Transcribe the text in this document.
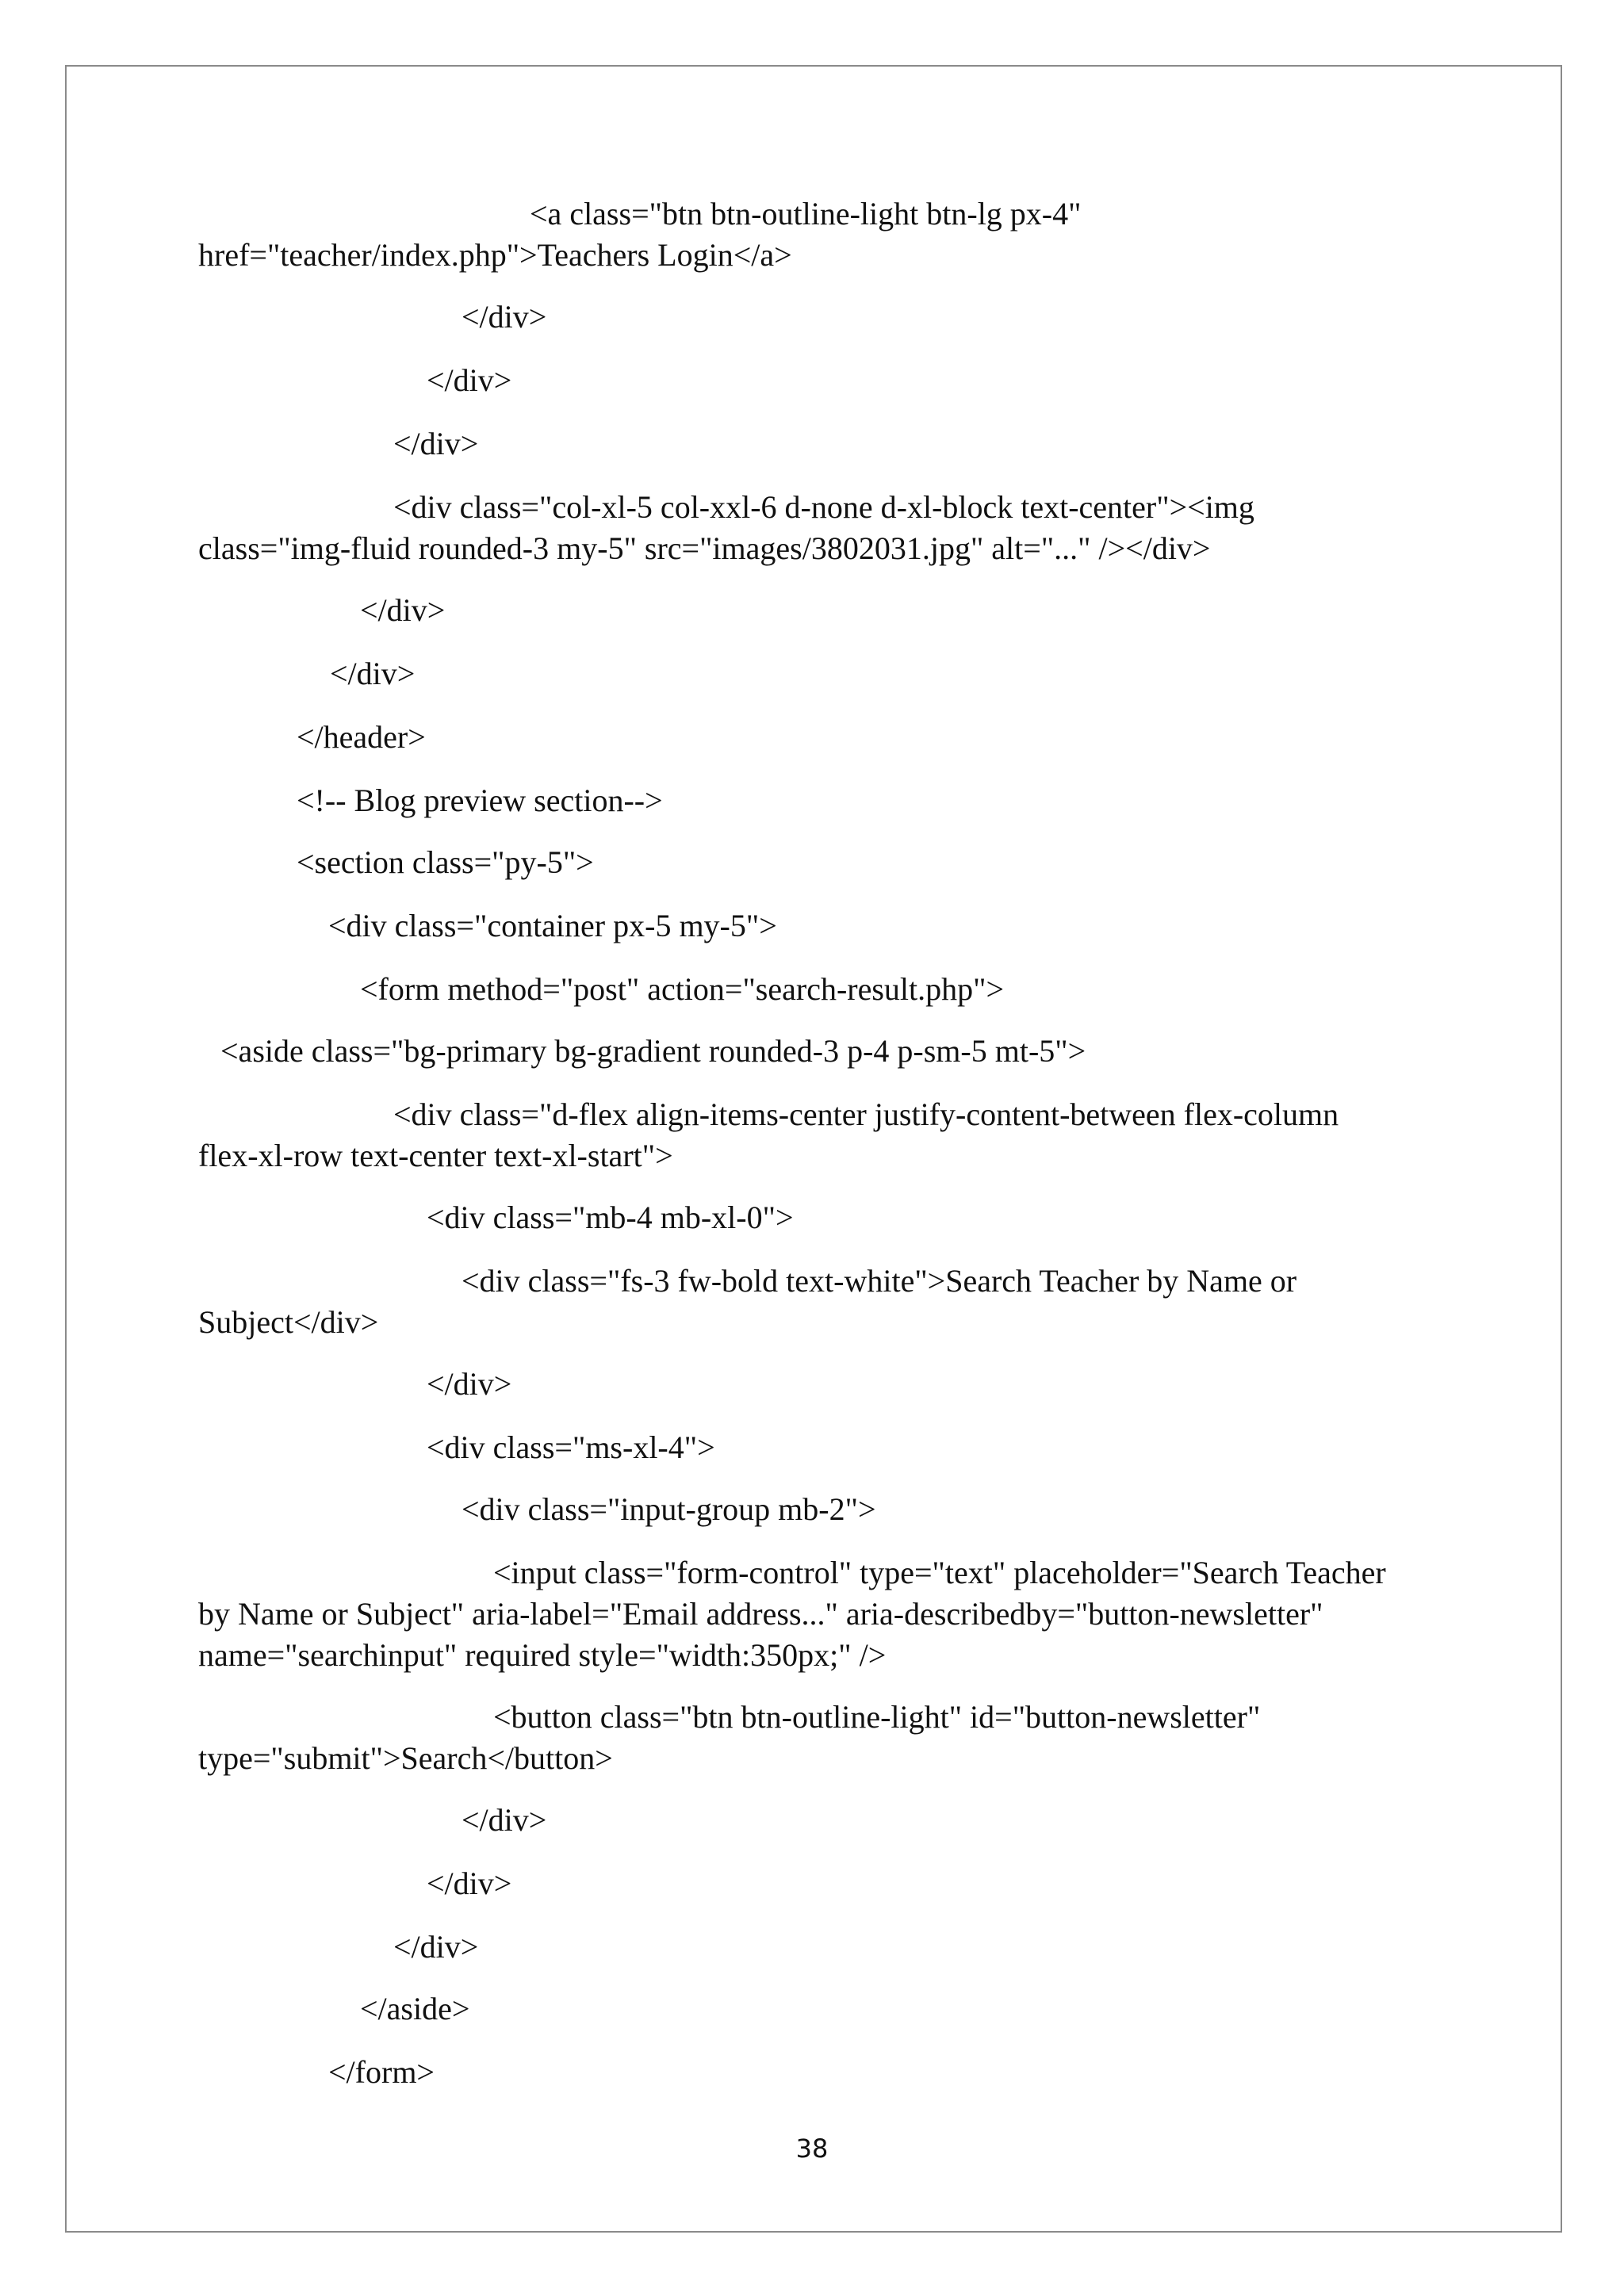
<a class="btn btn-outline-light btn-lg px-4"

href="teacher/index.php">Teachers Login</a>

</div>

</div>

</div>

<div class="col-xl-5 col-xxl-6 d-none d-xl-block text-center"><img

class="img-fluid rounded-3 my-5" src="images/3802031.jpg" alt="..." /></div>

</div>

</div>

</header>

<!-- Blog preview section-->

<section class="py-5">

<div class="container px-5 my-5">

<form method="post" action="search-result.php">

<aside class="bg-primary bg-gradient rounded-3 p-4 p-sm-5 mt-5">

<div class="d-flex align-items-center justify-content-between flex-column

flex-xl-row text-center text-xl-start">

<div class="mb-4 mb-xl-0">

<div class="fs-3 fw-bold text-white">Search Teacher by Name or

Subject</div>

</div>

<div class="ms-xl-4">

<div class="input-group mb-2">

<input class="form-control" type="text" placeholder="Search Teacher

by Name or Subject" aria-label="Email address..." aria-describedby="button-newsletter"

name="searchinput" required style="width:350px;" />

<button class="btn btn-outline-light" id="button-newsletter"

type="submit">Search</button>

</div>

</div>

</div>

</aside>

</form>

38
